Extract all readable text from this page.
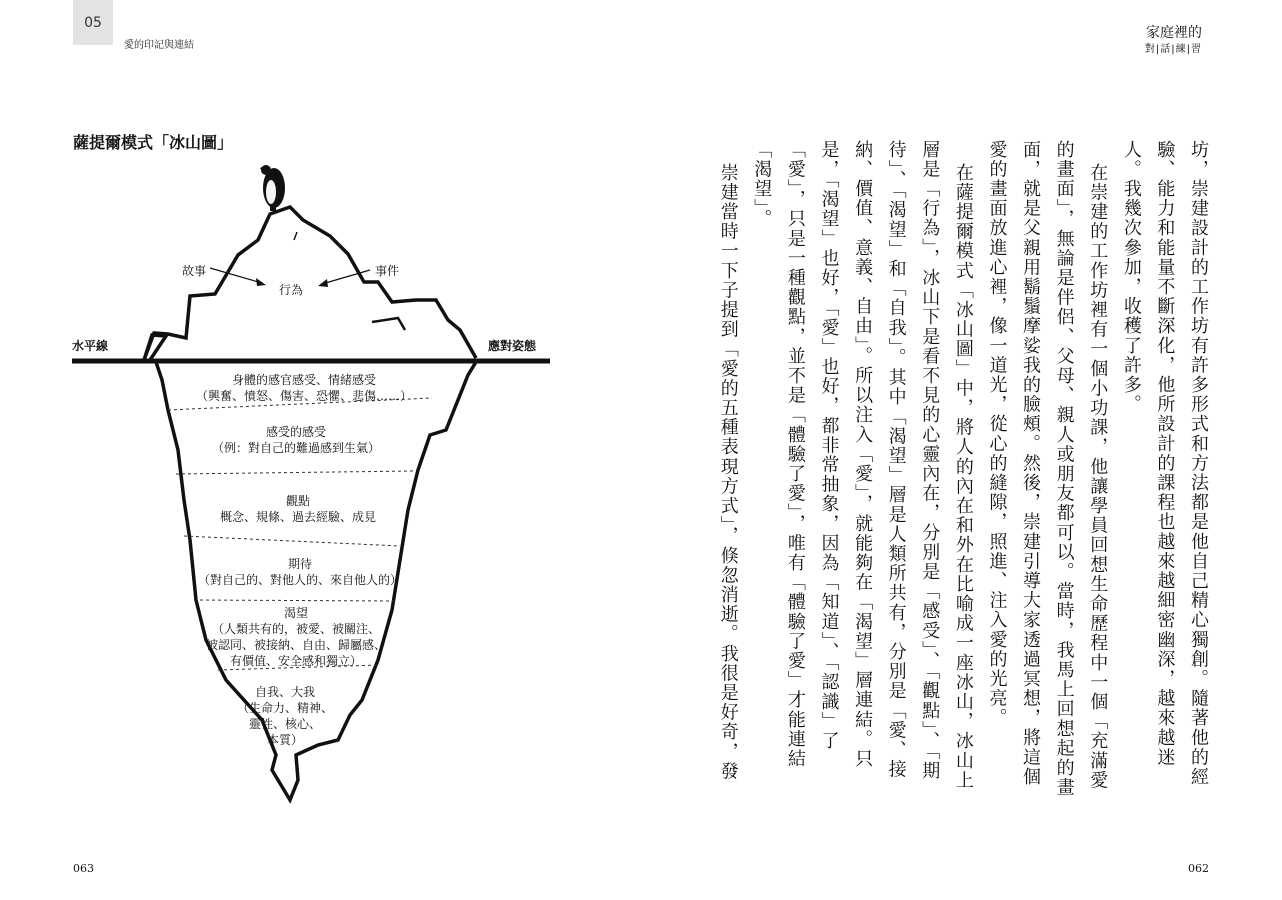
05
愛的印記與連結
家庭裡的
對|話|練|習
薩提爾模式「冰山圖」
故事	事件
行為
水平線	應對姿態
身體的感官感受、情緒感受
（興奮、憤怒、傷害、恐懼、悲傷……）
感受的感受
（例：對自己的難過感到生氣）
觀點
概念、規條、過去經驗、成見
期待
（對自己的、對他人的、來自他人的）
渴望
（人類共有的，被愛、被關注、
被認同、被接納、自由、歸屬感、
有價值、安全感和獨立）
自我、大我
（生命力、精神、
靈性、核心、
本質）	坊，崇建設計的工作坊有許多形式和方法都是他自己精心獨創。隨著他的經驗、能力和能量不斷深化，他所設計的課程也越來越細密幽深，越來越迷人。我幾次參加，收穫了許多。

在崇建的工作坊裡有一個小功課，他讓學員回想生命歷程中一個「充滿愛的畫面」，無論是伴侶、父母、親人或朋友都可以。當時，我馬上回想起的畫面，就是父親用鬍鬚摩娑我的臉頰。然後，崇建引導大家透過冥想，將這個愛的畫面放進心裡，像一道光，從心的縫隙，照進、注入愛的光亮。

在薩提爾模式「冰山圖」中，將人的內在和外在比喻成一座冰山，冰山上層是「行為」，冰山下是看不見的心靈內在，分別是「感受」、「觀點」、「期待」、「渴望」和「自我」。其中「渴望」層是人類所共有，分別是「愛、接納、價值、意義、自由」。所以注入「愛」，就能夠在「渴望」層連結。只是，「渴望」也好，「愛」也好，都非常抽象，因為「知道」、「認識」了「愛」，只是一種觀點，並不是「體驗了愛」，唯有「體驗了愛」才能連結「渴望」。

崇建當時一下子提到「愛的五種表現方式」，倏忽消逝。我很是好奇，發

063	062
